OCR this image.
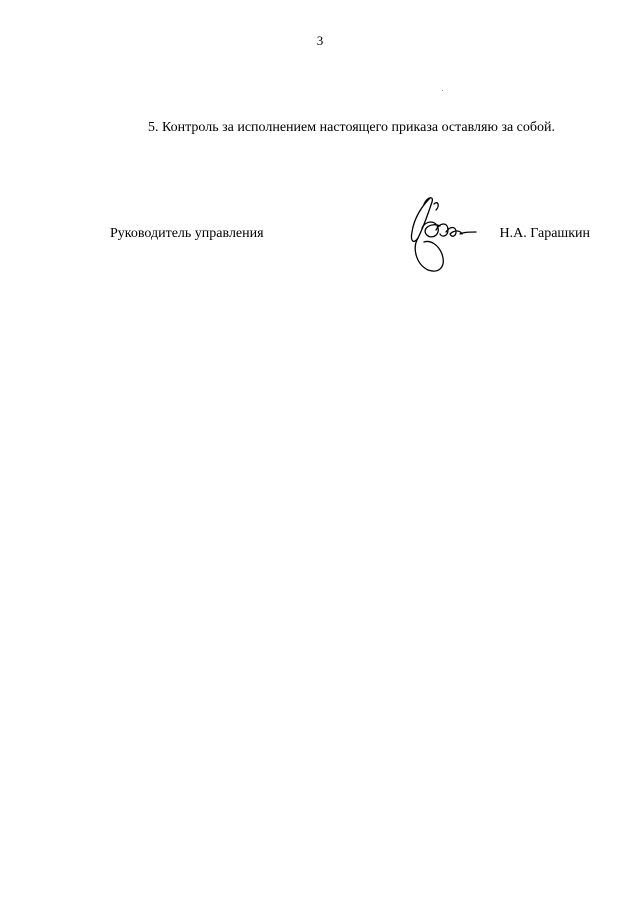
3
5. Контроль за исполнением настоящего приказа оставляю за собой.
Руководитель управления	Н.А. Гарашкин
